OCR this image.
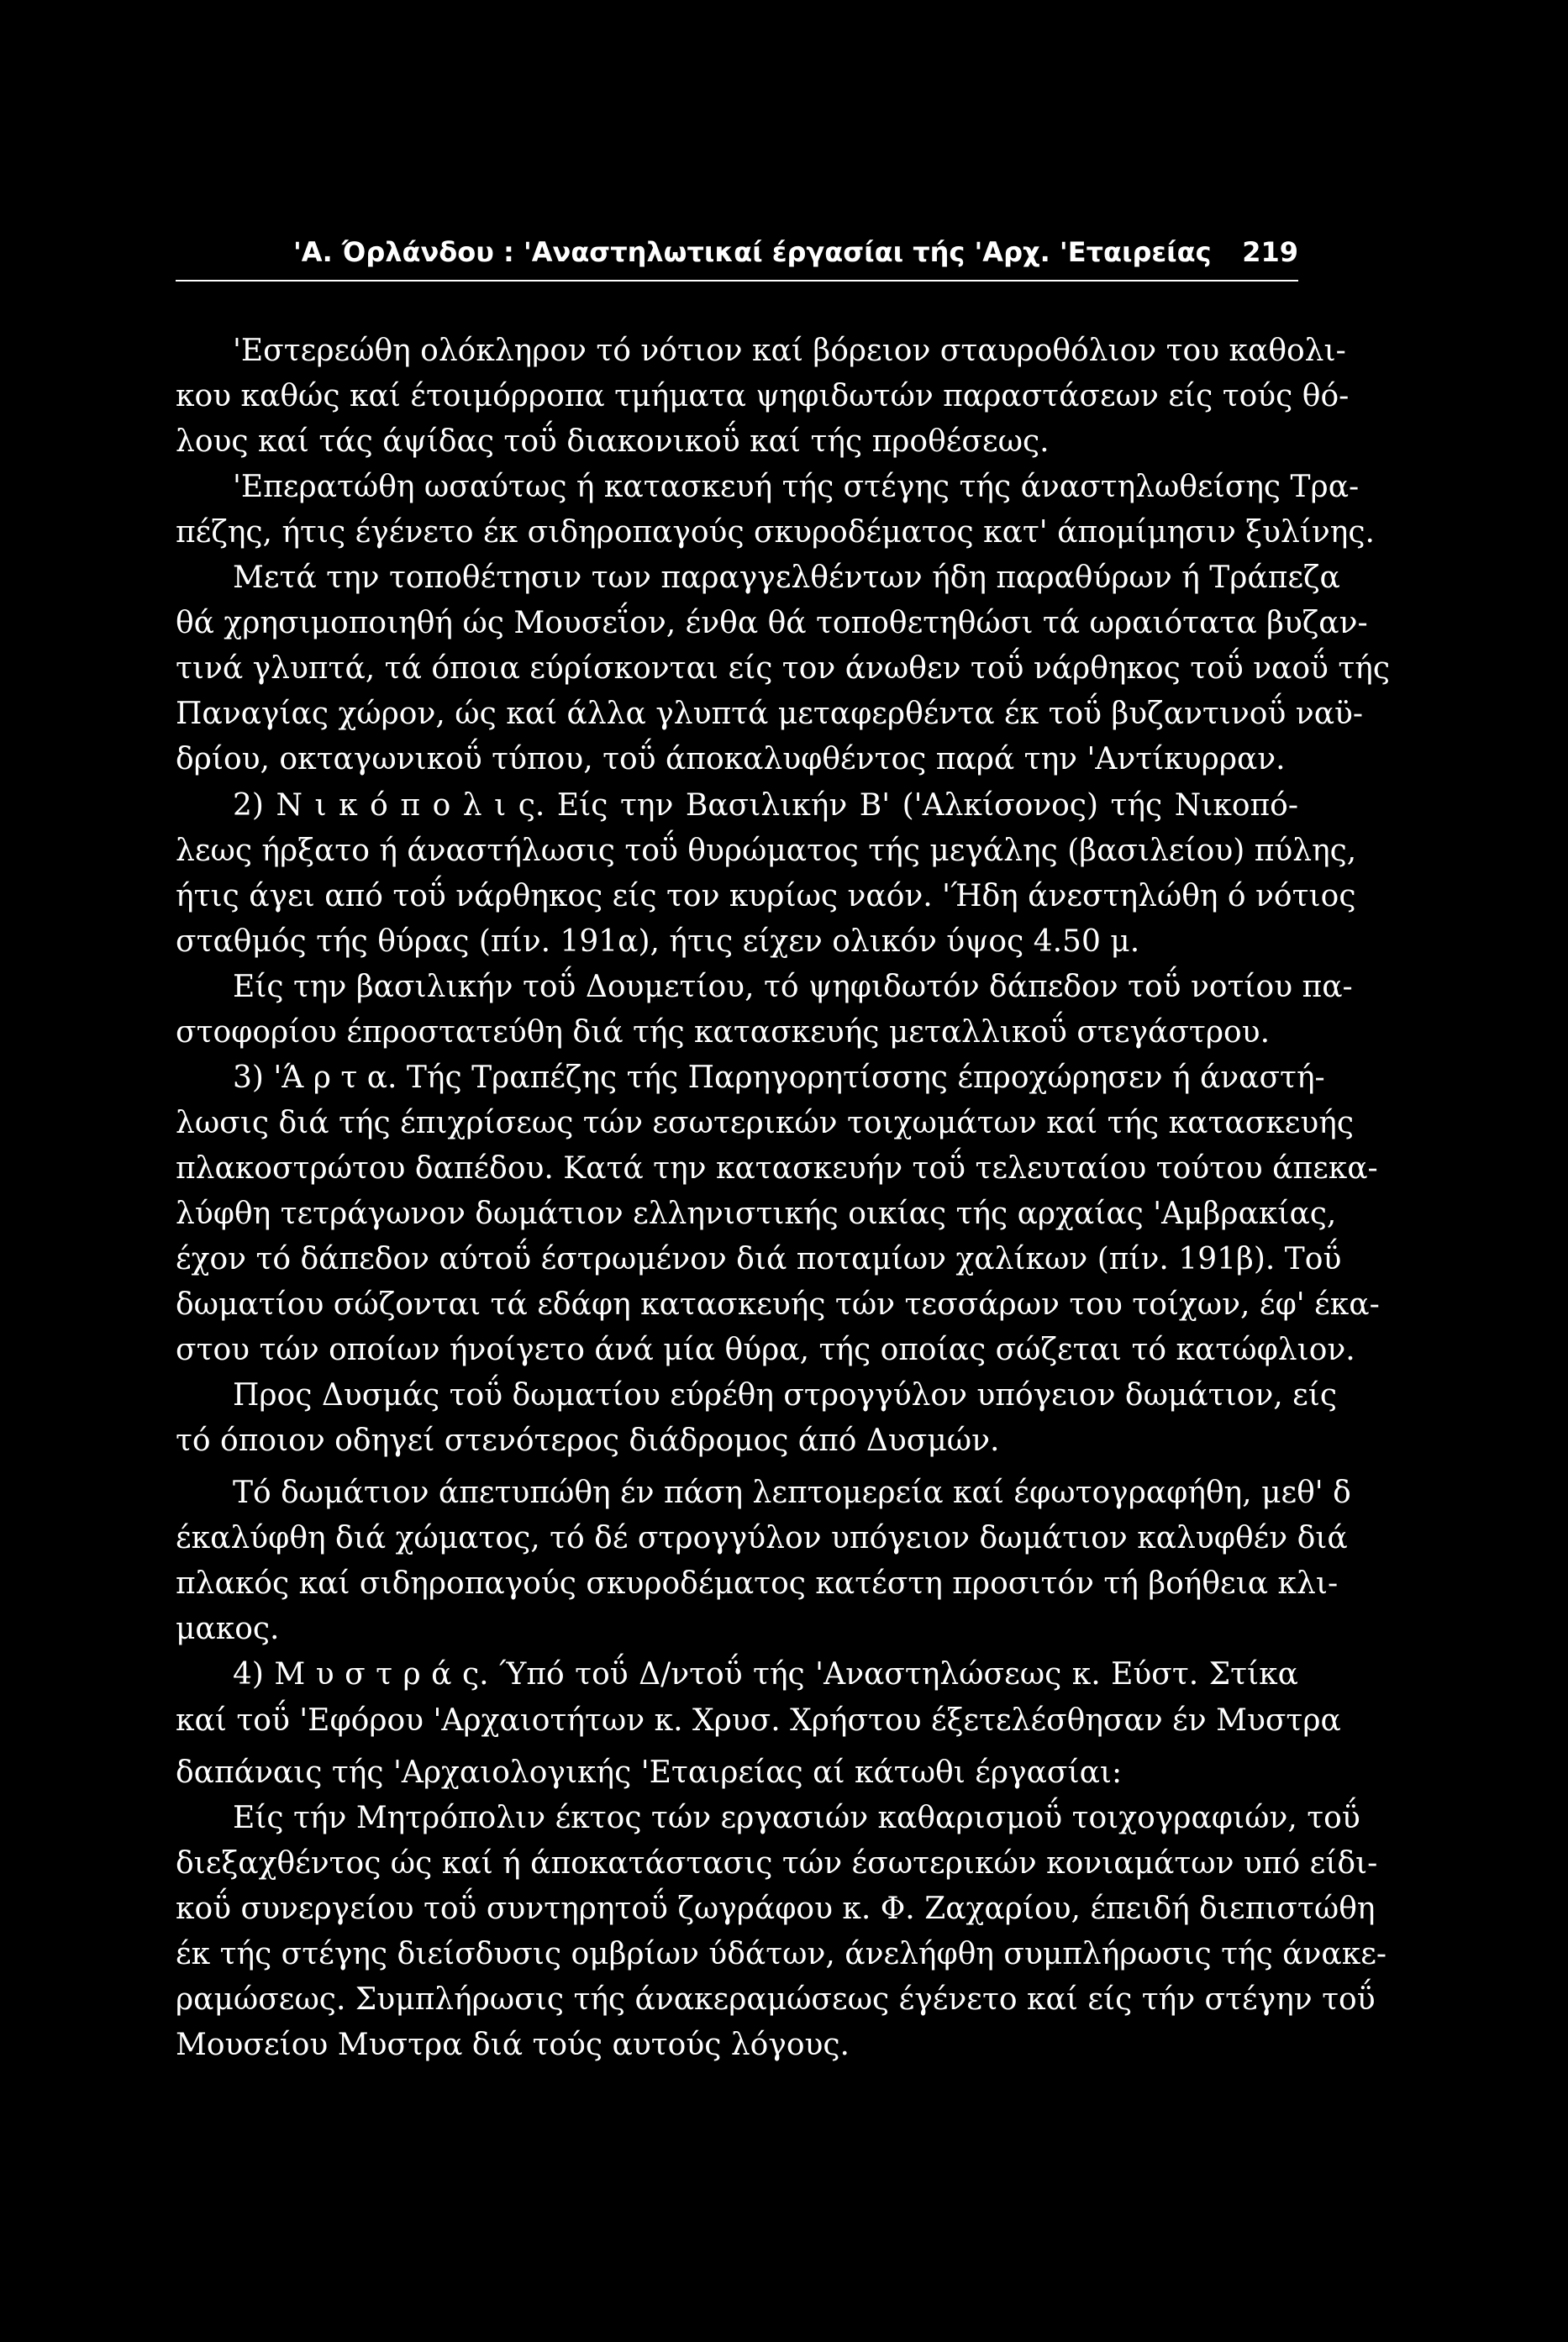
'Α. Όρλάνδου : 'Αναστηλωτικαί έργασίαι τής 'Αρχ. 'Εταιρείας 219
'Εστερεώθη ολόκληρον τό νότιον καί βόρειον σταυροθόλιον του καθολι-
κου καθώς καί έτοιμόρροπα τμήματα ψηφιδωτών παραστάσεων είς τούς θό-
λους καί τάς άψίδας τοΰ διακονικοΰ καί τής προθέσεως.
'Επερατώθη ωσαύτως ή κατασκευή τής στέγης τής άναστηλωθείσης Τρα-
πέζης, ήτις έγένετο έκ σιδηροπαγούς σκυροδέματος κατ' άπομίμησιν ξυλίνης.
Μετά την τοποθέτησιν των παραγγελθέντων ήδη παραθύρων ή Τράπεζα
θά χρησιμοποιηθή ώς Μουσεΐον, ένθα θά τοποθετηθώσι τά ωραιότατα βυζαν-
τινά γλυπτά, τά όποια εύρίσκονται είς τον άνωθεν τοΰ νάρθηκος τοΰ ναοΰ τής
Παναγίας χώρον, ώς καί άλλα γλυπτά μεταφερθέντα έκ τοΰ βυζαντινοΰ ναϋ-
δρίου, οκταγωνικοΰ τύπου, τοΰ άποκαλυφθέντος παρά την 'Αντίκυρραν.
2) Ν ι κ ό π ο λ ι ς. Είς την Βασιλικήν Β' ('Αλκίσονος) τής Νικοπό-
λεως ήρξατο ή άναστήλωσις τοΰ θυρώματος τής μεγάλης (βασιλείου) πύλης,
ήτις άγει από τοΰ νάρθηκος είς τον κυρίως ναόν. 'Ήδη άνεστηλώθη ό νότιος
σταθμός τής θύρας (πίν. 191α), ήτις είχεν ολικόν ύψος 4.50 μ.
Είς την βασιλικήν τοΰ Δουμετίου, τό ψηφιδωτόν δάπεδον τοΰ νοτίου πα-
στοφορίου έπροστατεύθη διά τής κατασκευής μεταλλικοΰ στεγάστρου.
3) 'Ά ρ τ α. Τής Τραπέζης τής Παρηγορητίσσης έπροχώρησεν ή άναστή-
λωσις διά τής έπιχρίσεως τών εσωτερικών τοιχωμάτων καί τής κατασκευής
πλακοστρώτου δαπέδου. Κατά την κατασκευήν τοΰ τελευταίου τούτου άπεκα-
λύφθη τετράγωνον δωμάτιον ελληνιστικής οικίας τής αρχαίας 'Αμβρακίας,
έχον τό δάπεδον αύτοΰ έστρωμένον διά ποταμίων χαλίκων (πίν. 191β). Τοΰ
δωματίου σώζονται τά εδάφη κατασκευής τών τεσσάρων του τοίχων, έφ' έκα-
στου τών οποίων ήνοίγετο άνά μία θύρα, τής οποίας σώζεται τό κατώφλιον.
Προς Δυσμάς τοΰ δωματίου εύρέθη στρογγύλον υπόγειον δωμάτιον, είς
τό όποιον οδηγεί στενότερος διάδρομος άπό Δυσμών.
Τό δωμάτιον άπετυπώθη έν πάση λεπτομερεία καί έφωτογραφήθη, μεθ' δ
έκαλύφθη διά χώματος, τό δέ στρογγύλον υπόγειον δωμάτιον καλυφθέν διά
πλακός καί σιδηροπαγούς σκυροδέματος κατέστη προσιτόν τή βοήθεια κλι-
μακος.
4) Μ υ σ τ ρ ά ς. Ύπό τοΰ Δ/ντοΰ τής 'Αναστηλώσεως κ. Εύστ. Στίκα
καί τοΰ 'Εφόρου 'Αρχαιοτήτων κ. Χρυσ. Χρήστου έξετελέσθησαν έν Μυστρα
δαπάναις τής 'Αρχαιολογικής 'Εταιρείας αί κάτωθι έργασίαι:
Είς τήν Μητρόπολιν έκτος τών εργασιών καθαρισμοΰ τοιχογραφιών, τοΰ
διεξαχθέντος ώς καί ή άποκατάστασις τών έσωτερικών κονιαμάτων υπό είδι-
κοΰ συνεργείου τοΰ συντηρητοΰ ζωγράφου κ. Φ. Ζαχαρίου, έπειδή διεπιστώθη
έκ τής στέγης διείσδυσις ομβρίων ύδάτων, άνελήφθη συμπλήρωσις τής άνακε-
ραμώσεως. Συμπλήρωσις τής άνακεραμώσεως έγένετο καί είς τήν στέγην τοΰ
Μουσείου Μυστρα διά τούς αυτούς λόγους.
